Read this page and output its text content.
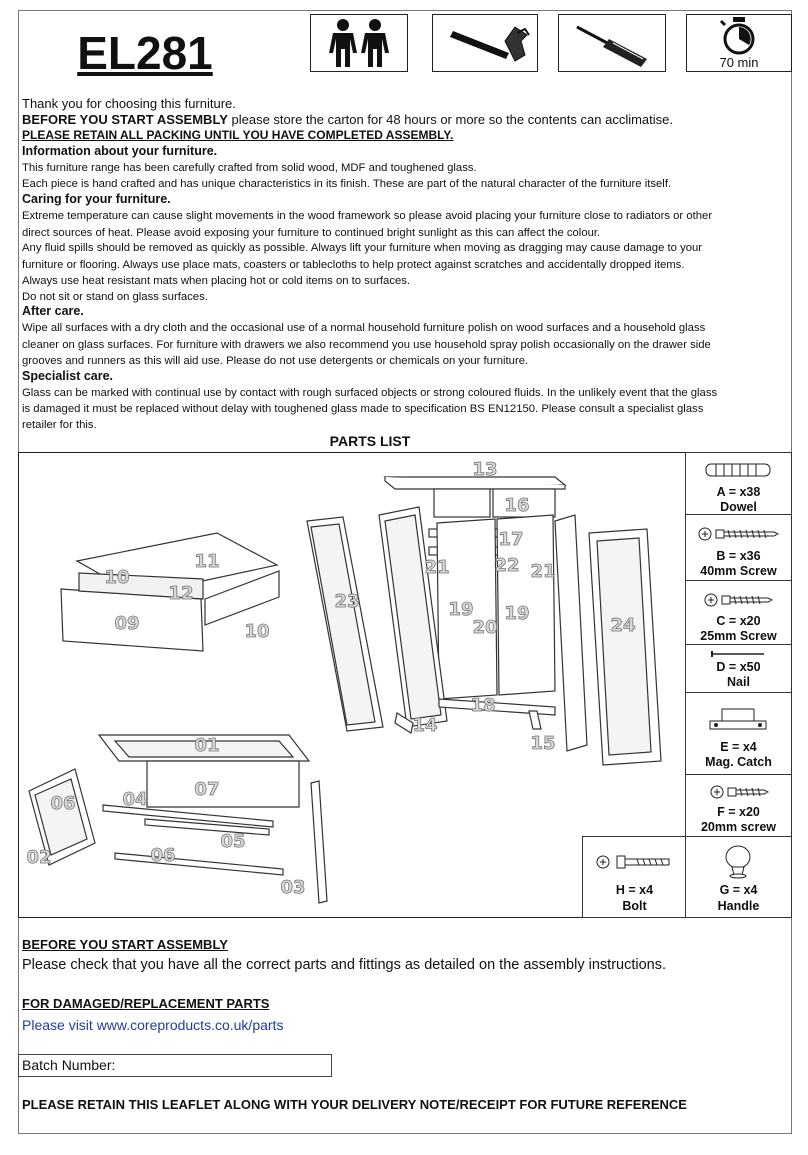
EL281	70 min
Thank you for choosing this furniture.
BEFORE YOU START ASSEMBLY please store the carton for 48 hours or more so the contents can acclimatise.
PLEASE RETAIN ALL PACKING UNTIL YOU HAVE COMPLETED ASSEMBLY.
Information about your furniture.
This furniture range has been carefully crafted from solid wood, MDF and toughened glass.
Each piece is hand crafted and has unique characteristics in its finish. These are part of the natural character of the furniture itself.
Caring for your furniture.
Extreme temperature can cause slight movements in the wood framework so please avoid placing your furniture close to radiators or other
direct sources of heat. Please avoid exposing your furniture to continued bright sunlight as this can affect the colour.
Any fluid spills should be removed as quickly as possible. Always lift your furniture when moving as dragging may cause damage to your
furniture or flooring. Always use place mats, coasters or tablecloths to help protect against scratches and accidentally dropped items.
Always use heat resistant mats when placing hot or cold items on to surfaces.
Do not sit or stand on glass surfaces.
After care.
Wipe all surfaces with a dry cloth and the occasional use of a normal household furniture polish on wood surfaces and a household glass
cleaner on glass surfaces. For furniture with drawers we also recommend you use household spray polish occasionally on the drawer side
grooves and runners as this will aid use. Please do not use detergents or chemicals on your furniture.
Specialist care.
Glass can be marked with continual use by contact with rough surfaced objects or strong coloured fluids. In the unlikely event that the glass
is damaged it must be replaced without delay with toughened glass made to specification BS EN12150. Please consult a specialist glass
retailer for this.
PARTS LIST
13
16
17
21 22 21
23	19 19
20	24
18
14
15
11
10
12
09	10
01
07
06	04
05
02	06
03
A = x38
Dowel
B = x36
40mm Screw
C = x20
25mm Screw
D = x50
Nail
E = x4
Mag. Catch
F = x20
20mm screw
H = x4
Bolt
G = x4
Handle
BEFORE YOU START ASSEMBLY
Please check that you have all the correct parts and fittings as detailed on the assembly instructions.
FOR DAMAGED/REPLACEMENT PARTS
Please visit www.coreproducts.co.uk/parts
Batch Number:
PLEASE RETAIN THIS LEAFLET ALONG WITH YOUR DELIVERY NOTE/RECEIPT FOR FUTURE REFERENCE
